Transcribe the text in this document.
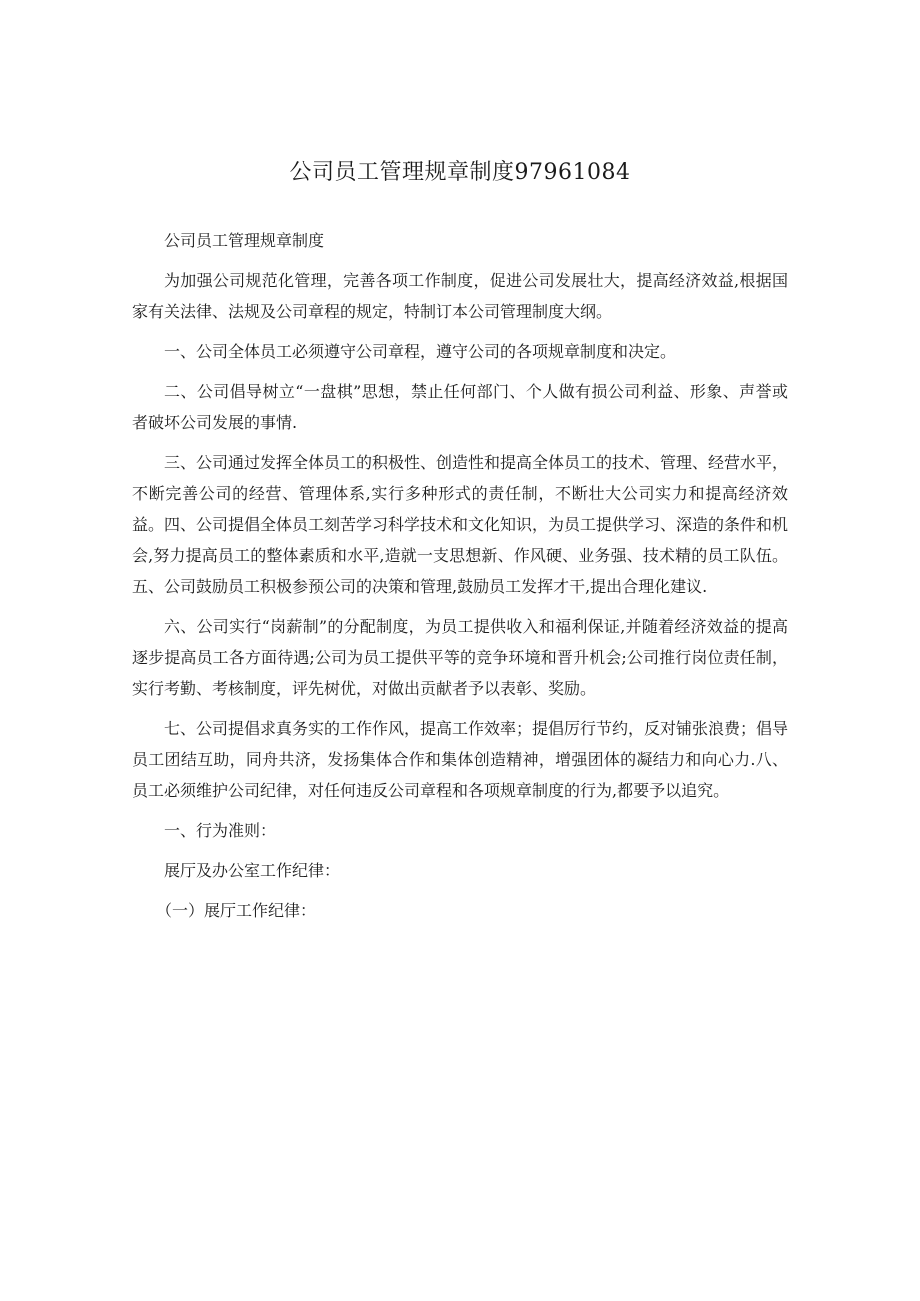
公司员工管理规章制度97961084

公司员工管理规章制度

为加强公司规范化管理，完善各项工作制度，促进公司发展壮大，提高经济效益,根据国家有关法律、法规及公司章程的规定，特制订本公司管理制度大纲。

一、公司全体员工必须遵守公司章程，遵守公司的各项规章制度和决定。

二、公司倡导树立“一盘棋”思想，禁止任何部门、个人做有损公司利益、形象、声誉或者破坏公司发展的事情.

三、公司通过发挥全体员工的积极性、创造性和提高全体员工的技术、管理、经营水平，不断完善公司的经营、管理体系,实行多种形式的责任制，不断壮大公司实力和提高经济效益。四、公司提倡全体员工刻苦学习科学技术和文化知识，为员工提供学习、深造的条件和机会,努力提高员工的整体素质和水平,造就一支思想新、作风硬、业务强、技术精的员工队伍。五、公司鼓励员工积极参预公司的决策和管理,鼓励员工发挥才干,提出合理化建议.

六、公司实行“岗薪制”的分配制度，为员工提供收入和福利保证,并随着经济效益的提高逐步提高员工各方面待遇;公司为员工提供平等的竞争环境和晋升机会;公司推行岗位责任制，实行考勤、考核制度，评先树优，对做出贡献者予以表彰、奖励。

七、公司提倡求真务实的工作作风，提高工作效率；提倡厉行节约，反对铺张浪费；倡导员工团结互助，同舟共济，发扬集体合作和集体创造精神，增强团体的凝结力和向心力.八、员工必须维护公司纪律，对任何违反公司章程和各项规章制度的行为,都要予以追究。

一、行为准则：

展厅及办公室工作纪律：

（一）展厅工作纪律：
